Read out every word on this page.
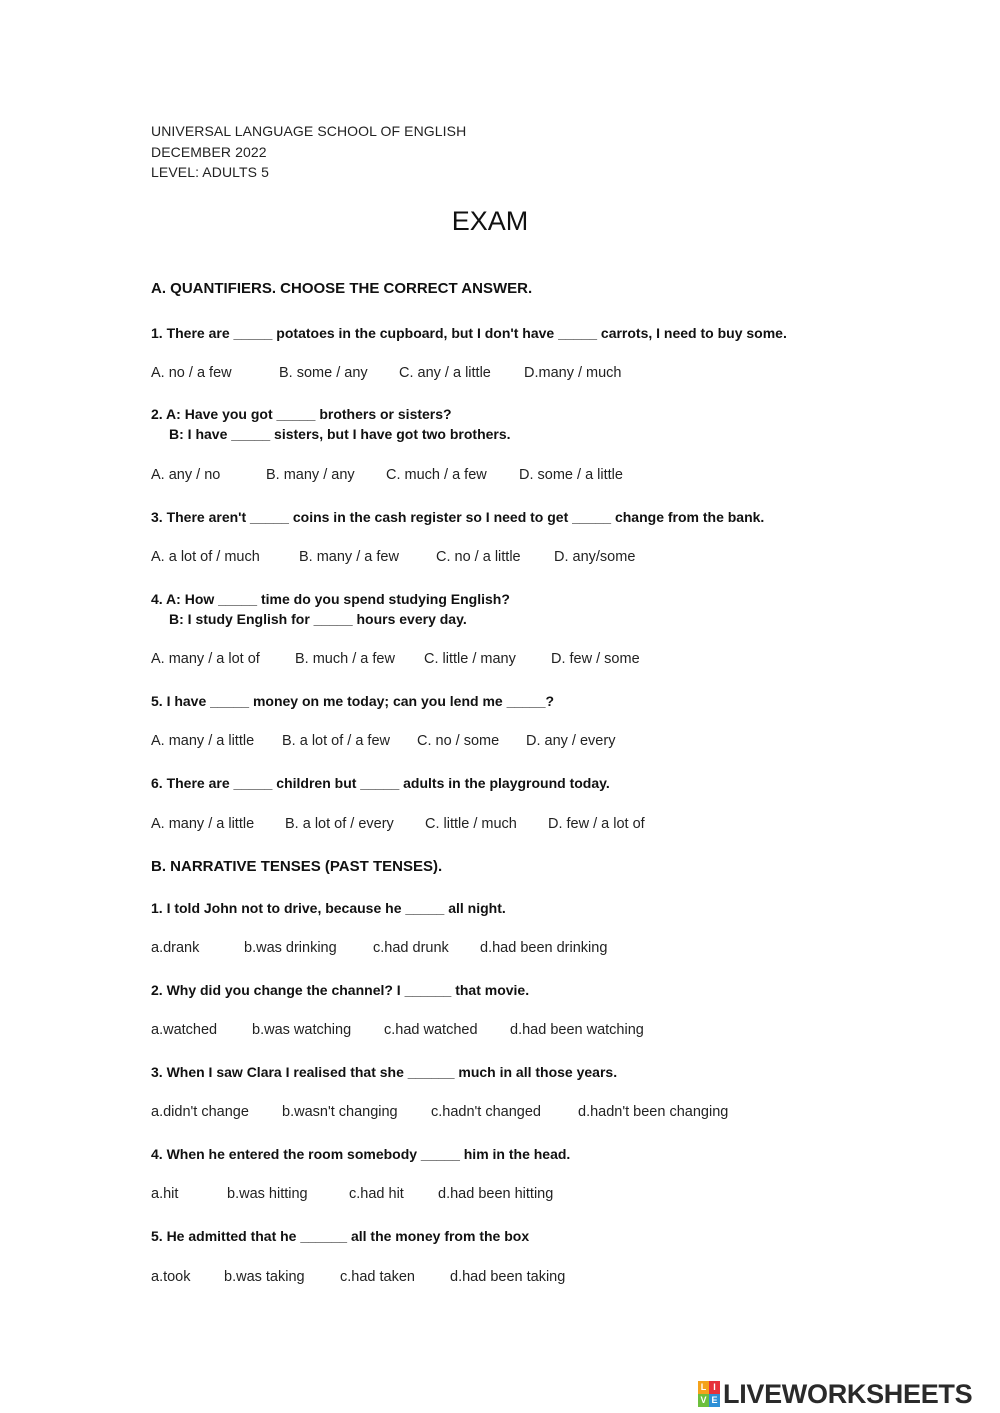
UNIVERSAL LANGUAGE SCHOOL OF ENGLISH
DECEMBER 2022
LEVEL: ADULTS 5
EXAM
A. QUANTIFIERS. CHOOSE THE CORRECT ANSWER.
1. There are _____ potatoes in the cupboard, but I don't have _____ carrots, I need to buy some.
A. no / a few	B. some / any C. any / a little D.many / much
2. A: Have you got _____ brothers or sisters?
B: I have _____ sisters, but I have got two brothers.
A. any / no	B. many / any C. much / a few D. some / a little
3. There aren't _____ coins in the cash register so I need to get _____ change from the bank.
A. a lot of / much	B. many / a few	C. no / a little D. any/some
4. A: How _____ time do you spend studying English?
B: I study English for _____ hours every day.
A. many / a lot of B. much / a few C. little / many D. few / some
5. I have _____ money on me today; can you lend me _____?
A. many / a little B. a lot of / a few C. no / some D. any / every
6. There are _____ children but _____ adults in the playground today.
A. many / a little B. a lot of / every C. little / much D. few / a lot of
B. NARRATIVE TENSES (PAST TENSES).
1. I told John not to drive, because he _____ all night.
a.drank	b.was drinking	c.had drunk d.had been drinking
2. Why did you change the channel? I ______ that movie.
a.watched b.was watching c.had watched d.had been watching
3. When I saw Clara I realised that she ______ much in all those years.
a.didn't change b.wasn't changing c.hadn't changed	d.hadn't been changing
4. When he entered the room somebody _____ him in the head.
a.hit	b.was hitting	c.had hit d.had been hitting
5. He admitted that he ______ all the money from the box
a.took b.was taking c.had taken d.had been taking
L I
V E LIVEWORKSHEETS
